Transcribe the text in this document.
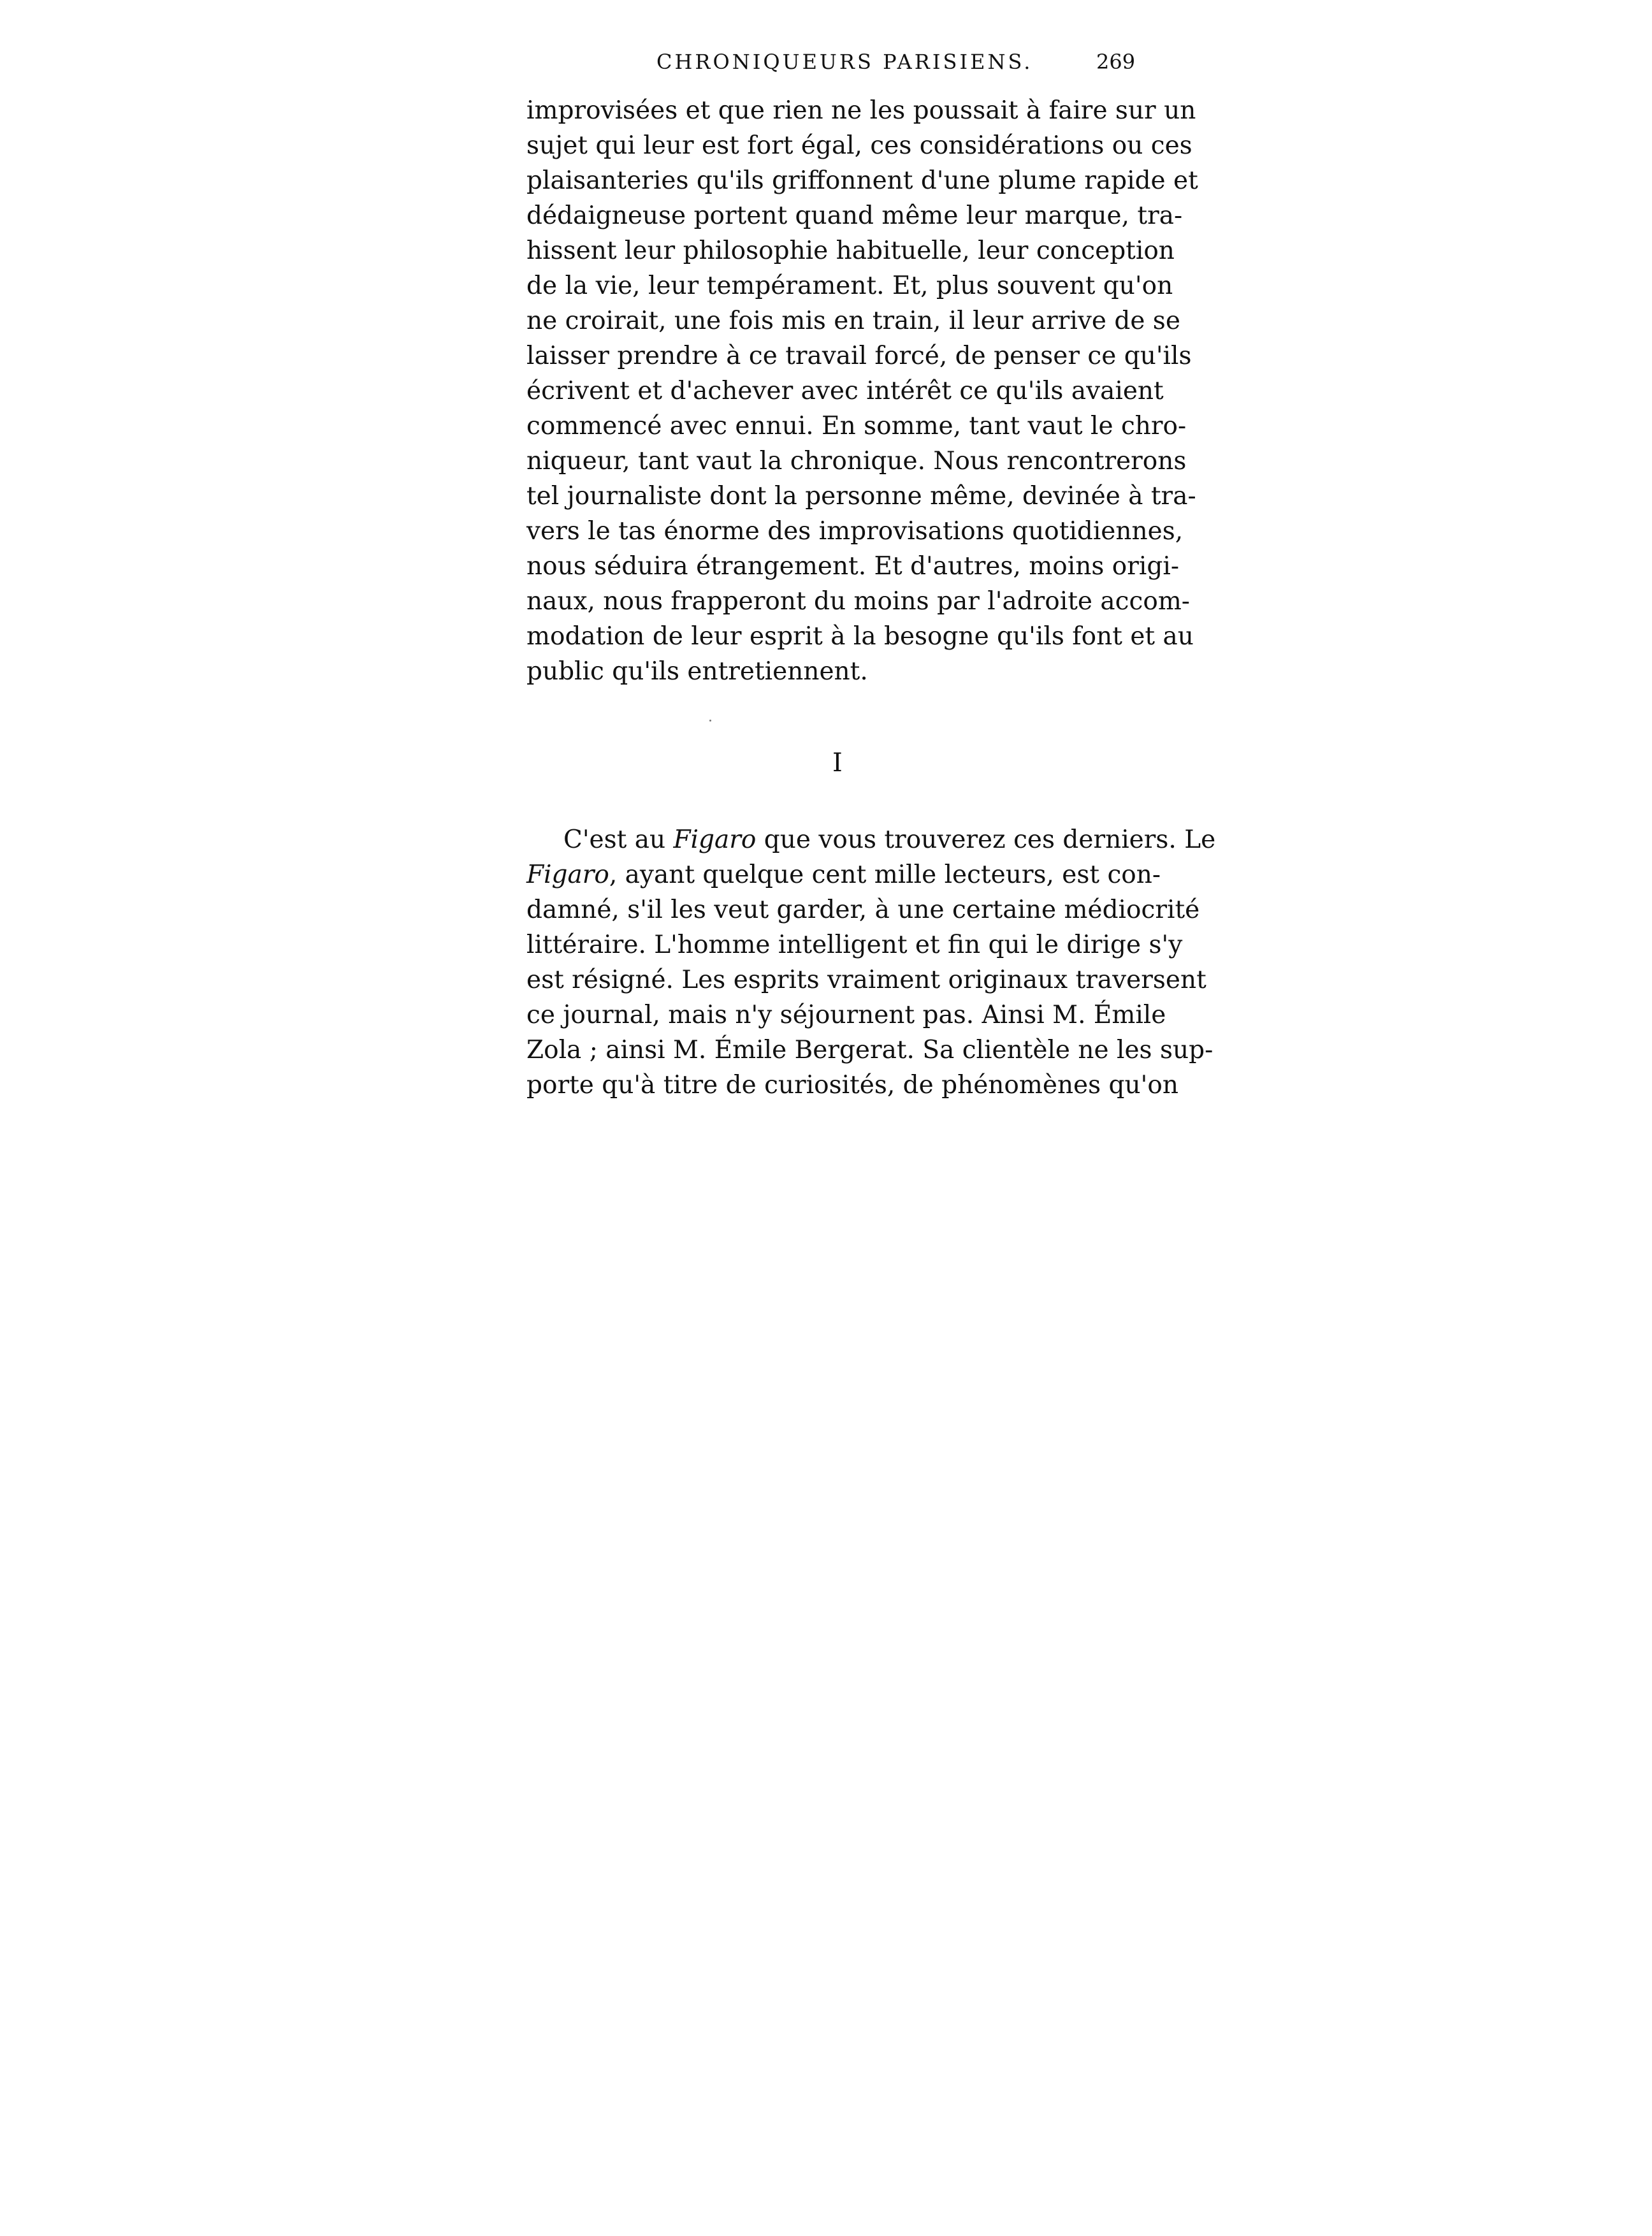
CHRONIQUEURS PARISIENS.	269
improvisées et que rien ne les poussait à faire sur un
sujet qui leur est fort égal, ces considérations ou ces
plaisanteries qu'ils griffonnent d'une plume rapide et
dédaigneuse portent quand même leur marque, tra-
hissent leur philosophie habituelle, leur conception
de la vie, leur tempérament. Et, plus souvent qu'on
ne croirait, une fois mis en train, il leur arrive de se
laisser prendre à ce travail forcé, de penser ce qu'ils
écrivent et d'achever avec intérêt ce qu'ils avaient
commencé avec ennui. En somme, tant vaut le chro-
niqueur, tant vaut la chronique. Nous rencontrerons
tel journaliste dont la personne même, devinée à tra-
vers le tas énorme des improvisations quotidiennes,
nous séduira étrangement. Et d'autres, moins origi-
naux, nous frapperont du moins par l'adroite accom-
modation de leur esprit à la besogne qu'ils font et au
public qu'ils entretiennent.
I
C'est au Figaro que vous trouverez ces derniers. Le
Figaro, ayant quelque cent mille lecteurs, est con-
damné, s'il les veut garder, à une certaine médiocrité
littéraire. L'homme intelligent et fin qui le dirige s'y
est résigné. Les esprits vraiment originaux traversent
ce journal, mais n'y séjournent pas. Ainsi M. Émile
Zola ; ainsi M. Émile Bergerat. Sa clientèle ne les sup-
porte qu'à titre de curiosités, de phénomènes qu'on
